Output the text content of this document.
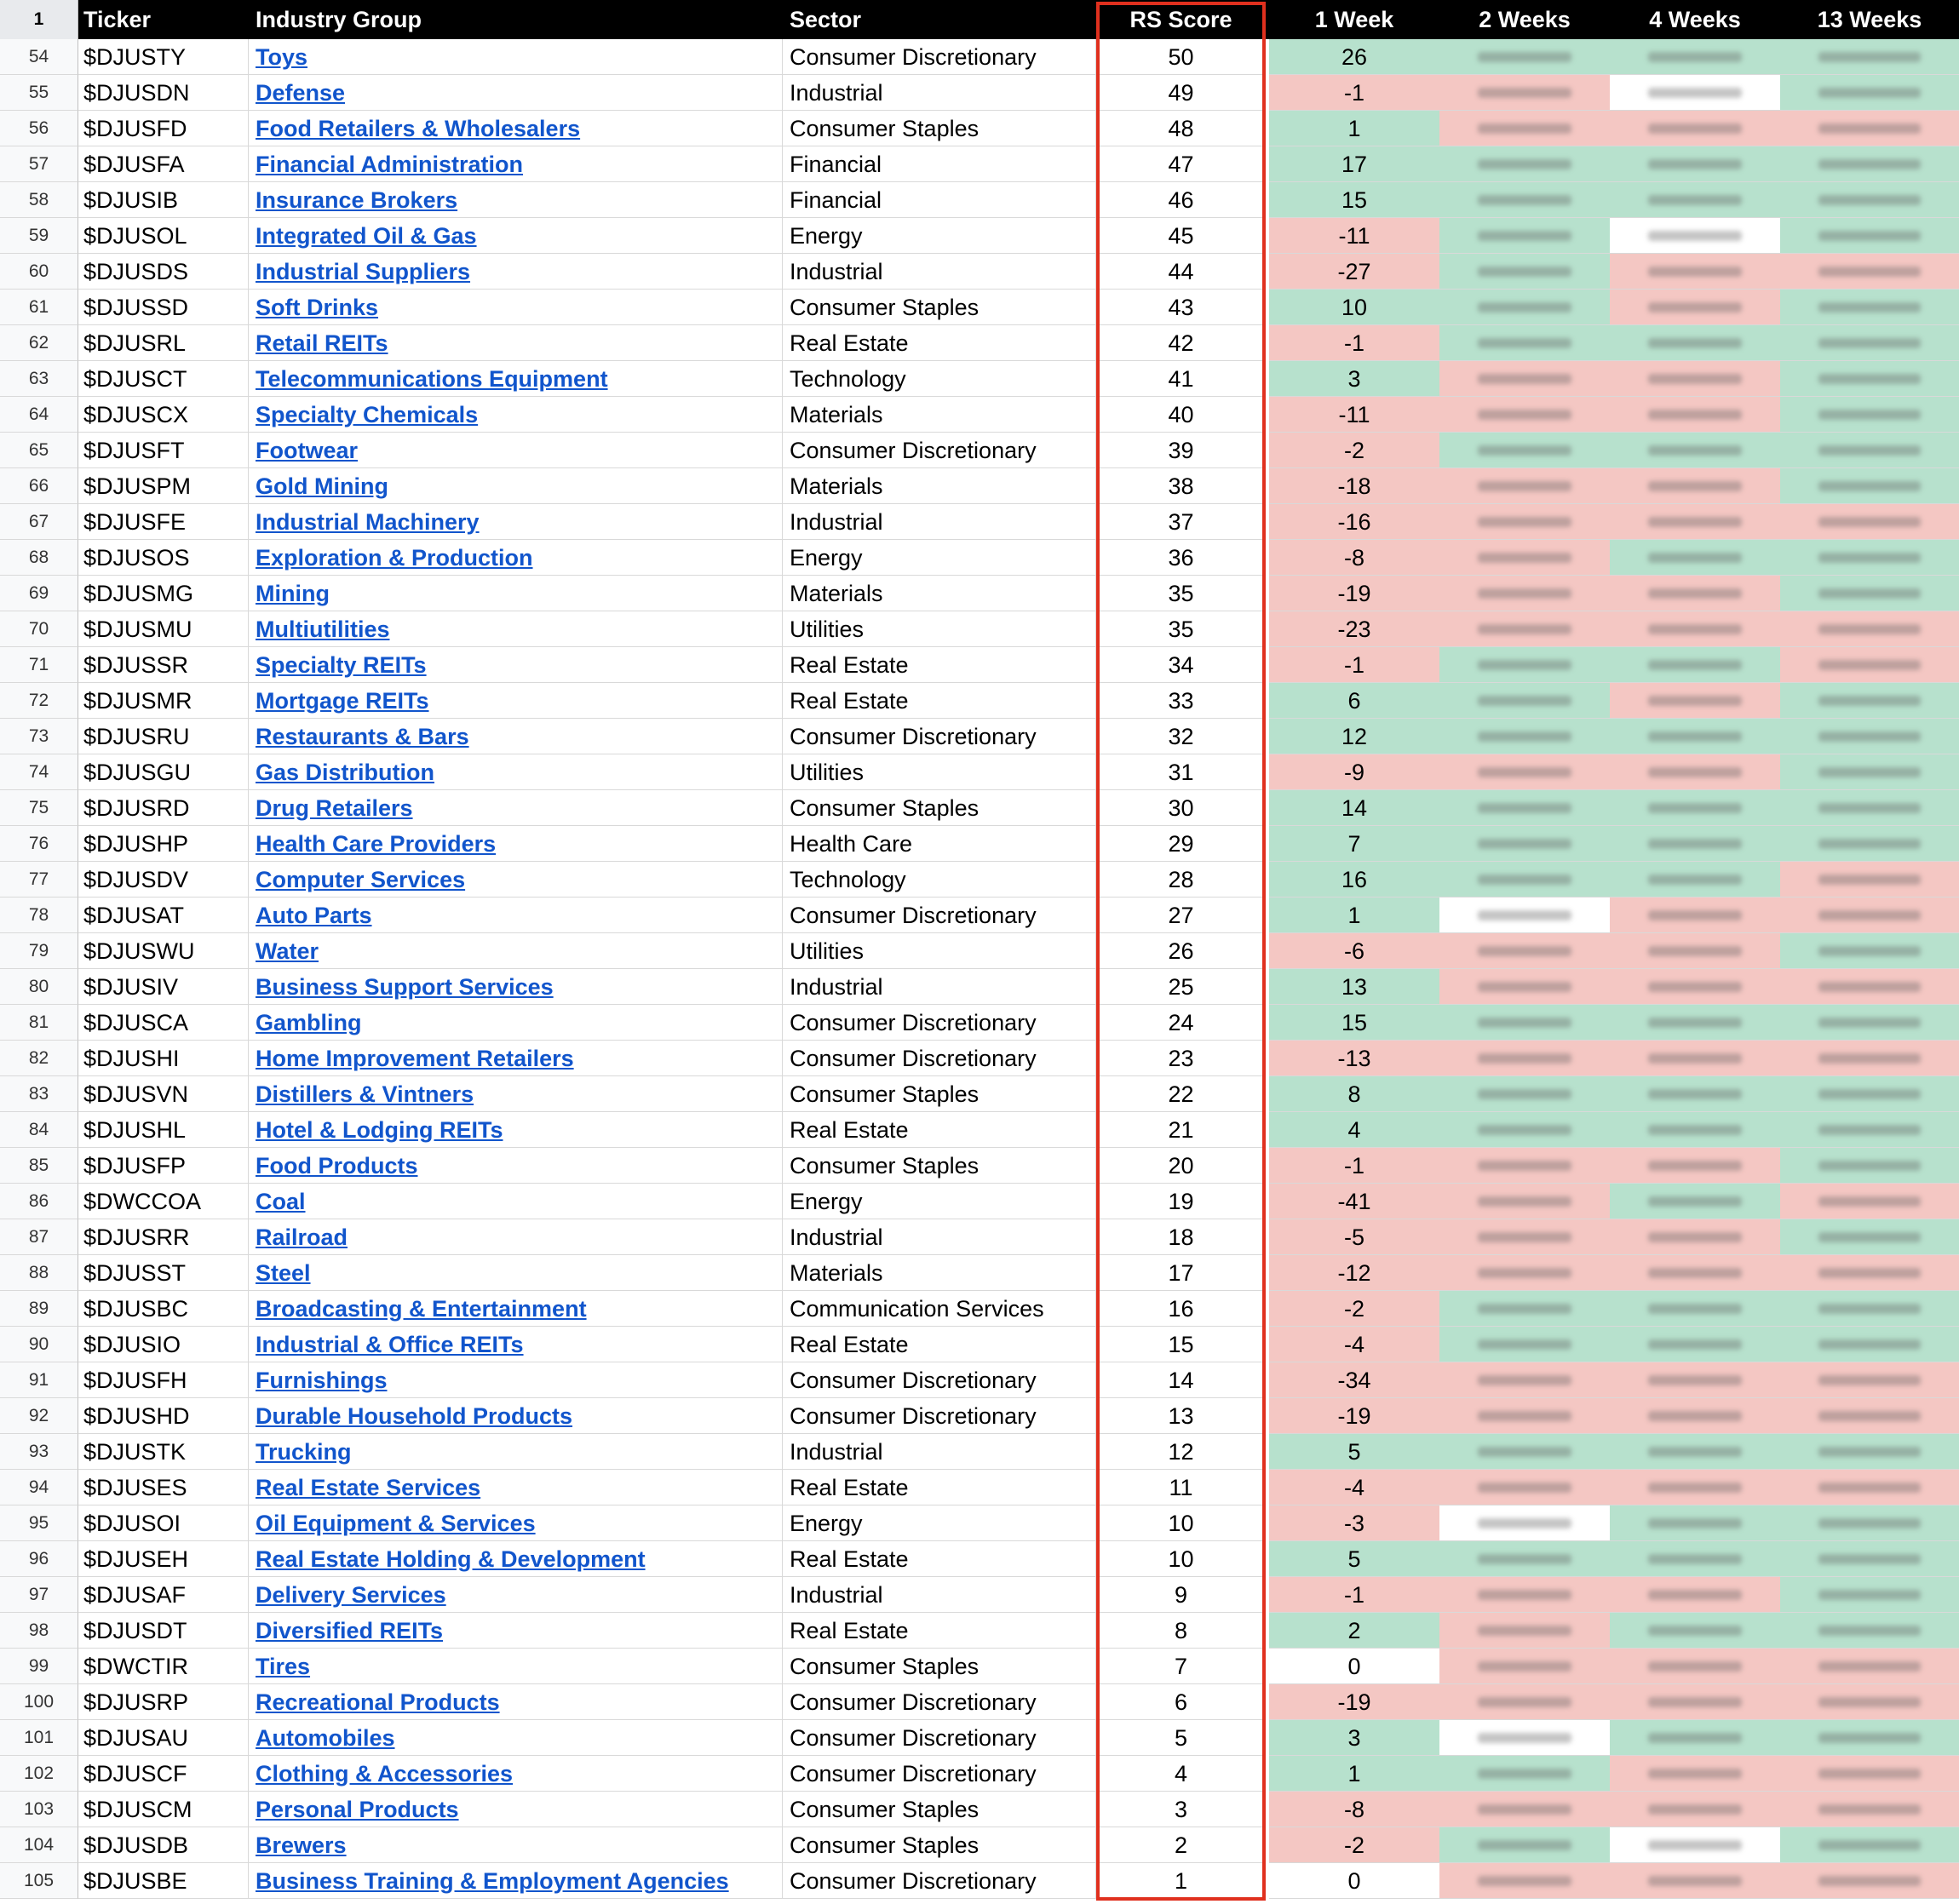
1	Ticker	Industry Group	Sector	RS Score	1 Week	2 Weeks	4 Weeks	13 Weeks
54	$DJUSTY	Toys	Consumer Discretionary	50	26
55	$DJUSDN	Defense	Industrial	49	-1
56	$DJUSFD	Food Retailers & Wholesalers	Consumer Staples	48	1
57	$DJUSFA	Financial Administration	Financial	47	17
58	$DJUSIB	Insurance Brokers	Financial	46	15
59	$DJUSOL	Integrated Oil & Gas	Energy	45	-11
60	$DJUSDS	Industrial Suppliers	Industrial	44	-27
61	$DJUSSD	Soft Drinks	Consumer Staples	43	10
62	$DJUSRL	Retail REITs	Real Estate	42	-1
63	$DJUSCT	Telecommunications Equipment	Technology	41	3
64	$DJUSCX	Specialty Chemicals	Materials	40	-11
65	$DJUSFT	Footwear	Consumer Discretionary	39	-2
66	$DJUSPM	Gold Mining	Materials	38	-18
67	$DJUSFE	Industrial Machinery	Industrial	37	-16
68	$DJUSOS	Exploration & Production	Energy	36	-8
69	$DJUSMG	Mining	Materials	35	-19
70	$DJUSMU	Multiutilities	Utilities	35	-23
71	$DJUSSR	Specialty REITs	Real Estate	34	-1
72	$DJUSMR	Mortgage REITs	Real Estate	33	6
73	$DJUSRU	Restaurants & Bars	Consumer Discretionary	32	12
74	$DJUSGU	Gas Distribution	Utilities	31	-9
75	$DJUSRD	Drug Retailers	Consumer Staples	30	14
76	$DJUSHP	Health Care Providers	Health Care	29	7
77	$DJUSDV	Computer Services	Technology	28	16
78	$DJUSAT	Auto Parts	Consumer Discretionary	27	1
79	$DJUSWU	Water	Utilities	26	-6
80	$DJUSIV	Business Support Services	Industrial	25	13
81	$DJUSCA	Gambling	Consumer Discretionary	24	15
82	$DJUSHI	Home Improvement Retailers	Consumer Discretionary	23	-13
83	$DJUSVN	Distillers & Vintners	Consumer Staples	22	8
84	$DJUSHL	Hotel & Lodging REITs	Real Estate	21	4
85	$DJUSFP	Food Products	Consumer Staples	20	-1
86	$DWCCOA	Coal	Energy	19	-41
87	$DJUSRR	Railroad	Industrial	18	-5
88	$DJUSST	Steel	Materials	17	-12
89	$DJUSBC	Broadcasting & Entertainment	Communication Services	16	-2
90	$DJUSIO	Industrial & Office REITs	Real Estate	15	-4
91	$DJUSFH	Furnishings	Consumer Discretionary	14	-34
92	$DJUSHD	Durable Household Products	Consumer Discretionary	13	-19
93	$DJUSTK	Trucking	Industrial	12	5
94	$DJUSES	Real Estate Services	Real Estate	11	-4
95	$DJUSOI	Oil Equipment & Services	Energy	10	-3
96	$DJUSEH	Real Estate Holding & Development	Real Estate	10	5
97	$DJUSAF	Delivery Services	Industrial	9	-1
98	$DJUSDT	Diversified REITs	Real Estate	8	2
99	$DWCTIR	Tires	Consumer Staples	7	0
100	$DJUSRP	Recreational Products	Consumer Discretionary	6	-19
101	$DJUSAU	Automobiles	Consumer Discretionary	5	3
102	$DJUSCF	Clothing & Accessories	Consumer Discretionary	4	1
103	$DJUSCM	Personal Products	Consumer Staples	3	-8
104	$DJUSDB	Brewers	Consumer Staples	2	-2
105	$DJUSBE	Business Training & Employment Agencies	Consumer Discretionary	1	0
